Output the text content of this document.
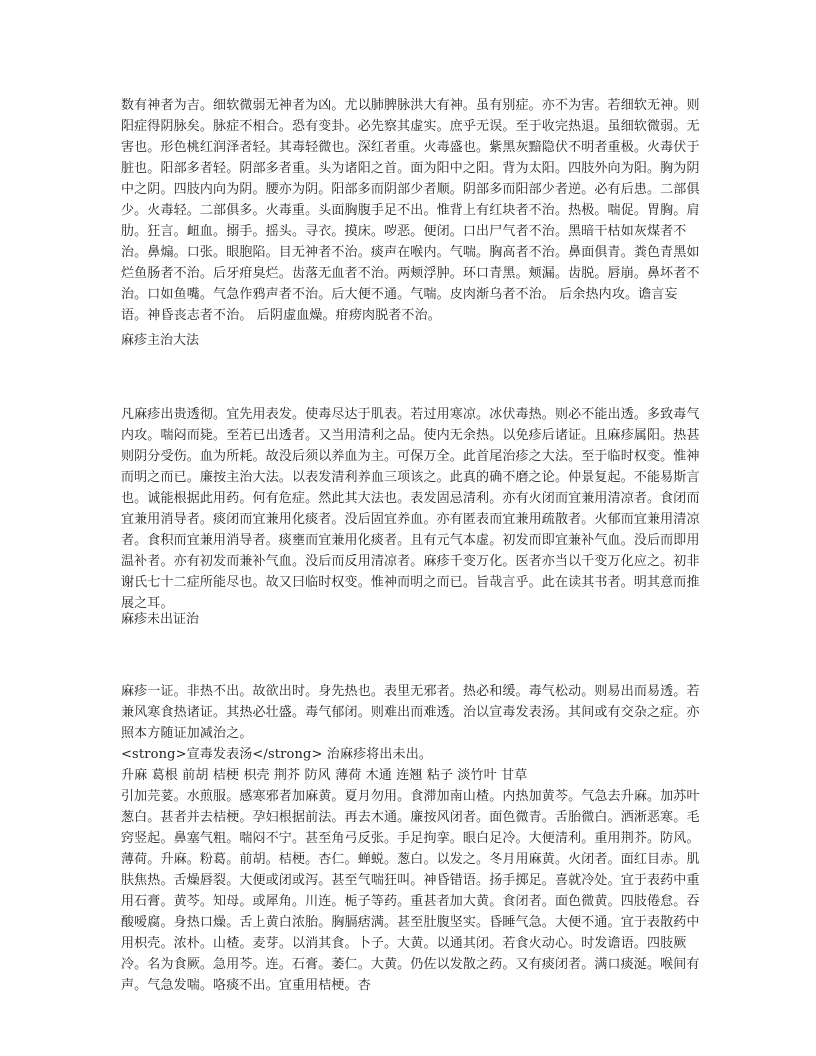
数有神者为吉。细软微弱无神者为凶。尤以肺脾脉洪大有神。虽有别症。亦不为害。若细软无神。则阳症得阴脉矣。脉症不相合。恐有变卦。必先察其虚实。庶乎无误。至于收完热退。虽细软微弱。无害也。形色桃红润泽者轻。其毒轻微也。深红者重。火毒盛也。紫黑灰黯隐伏不明者重极。火毒伏于脏也。阳部多者轻。阴部多者重。头为诸阳之首。面为阳中之阳。背为太阳。四肢外向为阳。胸为阴中之阴。四肢内向为阴。腰亦为阴。阳部多而阴部少者顺。阴部多而阳部少者逆。必有后患。二部俱少。火毒轻。二部俱多。火毒重。头面胸腹手足不出。惟背上有红块者不治。热极。喘促。胃胸。肩肋。狂言。衄血。搦手。摇头。寻衣。摸床。哕恶。便闭。口出尸气者不治。黑暗干枯如灰煤者不治。鼻煽。口张。眼胞陷。目无神者不治。痰声在喉内。气喘。胸高者不治。鼻面俱青。粪色青黑如烂鱼肠者不治。后牙疳臭烂。齿落无血者不治。两颊浮肿。环口青黑。颊漏。齿脱。唇崩。鼻坏者不治。口如鱼嘴。气急作鸦声者不治。后大便不通。气喘。皮肉渐乌者不治。 后余热内攻。谵言妄语。神昏丧志者不治。 后阴虚血燥。疳痨肉脱者不治。

麻疹主治大法

凡麻疹出贵透彻。宜先用表发。使毒尽达于肌表。若过用寒凉。冰伏毒热。则必不能出透。多致毒气内攻。喘闷而毙。至若已出透者。又当用清利之品。使内无余热。以免疹后诸证。且麻疹属阳。热甚则阴分受伤。血为所耗。故没后须以养血为主。可保万全。此首尾治疹之大法。至于临时权变。惟神而明之而已。廉按主治大法。以表发清利养血三项该之。此真的确不磨之论。仲景复起。不能易斯言也。诚能根据此用药。何有危症。然此其大法也。表发固忌清利。亦有火闭而宜兼用清凉者。食闭而宜兼用消导者。痰闭而宜兼用化痰者。没后固宜养血。亦有匿表而宜兼用疏散者。火郁而宜兼用清凉者。食积而宜兼用消导者。痰壅而宜兼用化痰者。且有元气本虚。初发而即宜兼补气血。没后而即用温补者。亦有初发而兼补气血。没后而反用清凉者。麻疹千变万化。医者亦当以千变万化应之。初非谢氏七十二症所能尽也。故又曰临时权变。惟神而明之而已。旨哉言乎。此在读其书者。明其意而推展之耳。

麻疹未出证治

麻疹一证。非热不出。故欲出时。身先热也。表里无邪者。热必和缓。毒气松动。则易出而易透。若兼风寒食热诸证。其热必壮盛。毒气郁闭。则难出而难透。治以宣毒发表汤。其间或有交杂之症。亦照本方随证加减治之。
<strong>宣毒发表汤</strong> 治麻疹将出未出。
升麻 葛根 前胡 桔梗 枳壳 荆芥 防风 薄荷 木通 连翘 粘子 淡竹叶 甘草
引加芫荽。水煎服。感寒邪者加麻黄。夏月勿用。食滞加南山楂。内热加黄芩。气急去升麻。加苏叶葱白。甚者并去桔梗。孕妇根据前法。再去木通。廉按风闭者。面色微青。舌胎微白。洒淅恶寒。毛窍竖起。鼻塞气粗。喘闷不宁。甚至角弓反张。手足拘挛。眼白足冷。大便清利。重用荆芥。防风。薄荷。升麻。粉葛。前胡。桔梗。杏仁。蝉蜕。葱白。以发之。冬月用麻黄。火闭者。面红目赤。肌肤焦热。舌燥唇裂。大便或闭或泻。甚至气喘狂叫。神昏错语。扬手掷足。喜就冷处。宜于表药中重用石膏。黄芩。知母。或犀角。川连。栀子等药。重甚者加大黄。食闭者。面色微黄。四肢倦怠。吞酸嗳腐。身热口燥。舌上黄白浓胎。胸膈痞满。甚至肚腹坚实。昏睡气急。大便不通。宜于表散药中用枳壳。浓朴。山楂。麦芽。以消其食。卜子。大黄。以通其闭。若食火动心。时发谵语。四肢厥冷。名为食厥。急用芩。连。石膏。萎仁。大黄。仍佐以发散之药。又有痰闭者。满口痰涎。喉间有声。气急发喘。咯痰不出。宜重用桔梗。杏
